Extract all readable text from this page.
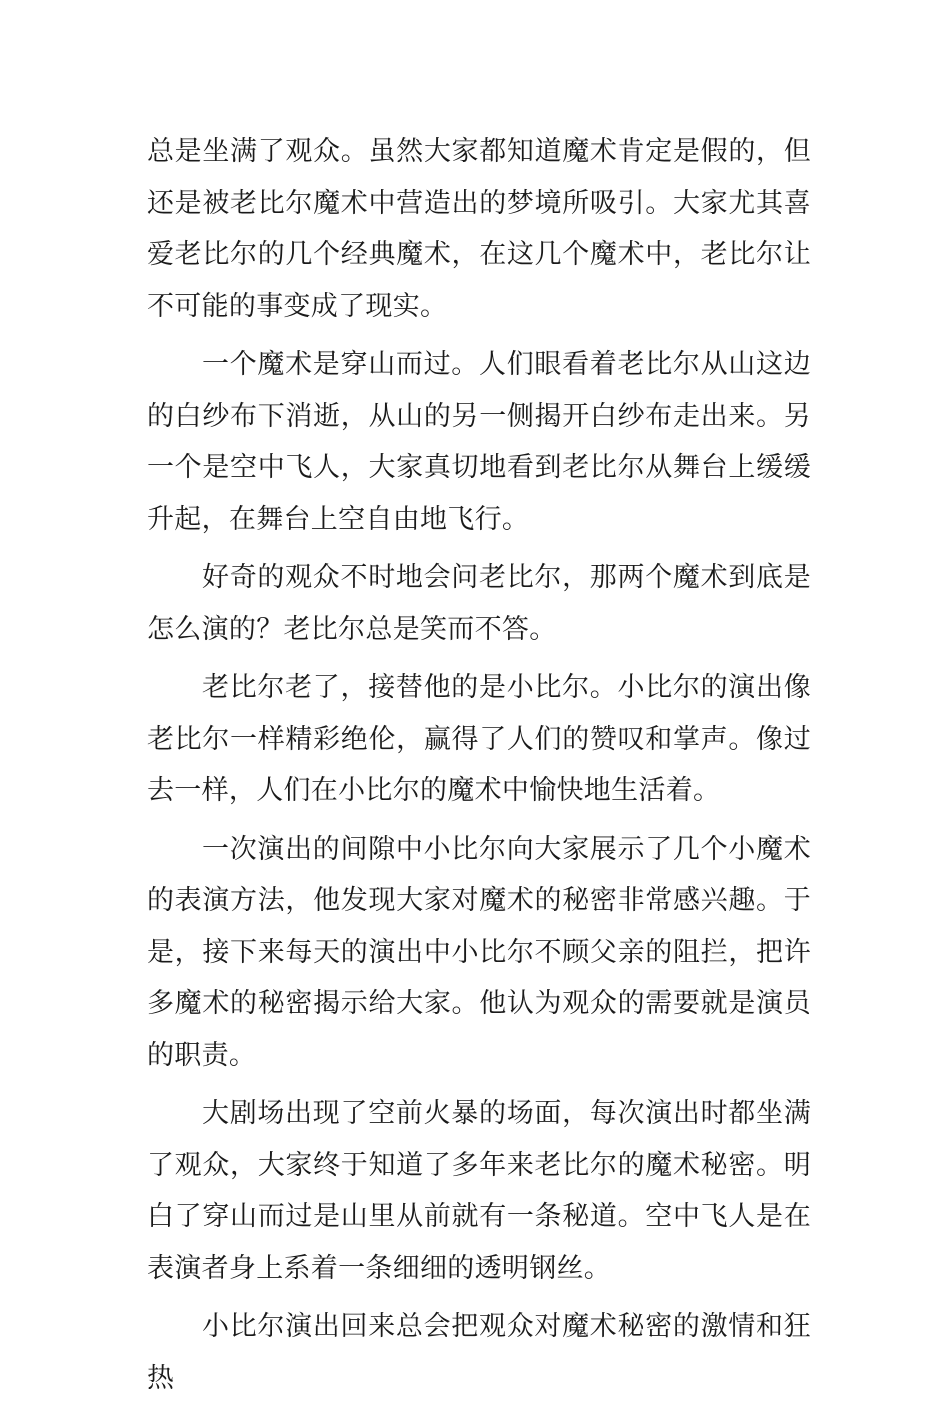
总是坐满了观众。虽然大家都知道魔术肯定是假的，但还是被老比尔魔术中营造出的梦境所吸引。大家尤其喜爱老比尔的几个经典魔术，在这几个魔术中，老比尔让不可能的事变成了现实。

一个魔术是穿山而过。人们眼看着老比尔从山这边的白纱布下消逝，从山的另一侧揭开白纱布走出来。另一个是空中飞人，大家真切地看到老比尔从舞台上缓缓升起，在舞台上空自由地飞行。

好奇的观众不时地会问老比尔，那两个魔术到底是怎么演的？老比尔总是笑而不答。

老比尔老了，接替他的是小比尔。小比尔的演出像老比尔一样精彩绝伦，赢得了人们的赞叹和掌声。像过去一样，人们在小比尔的魔术中愉快地生活着。

一次演出的间隙中小比尔向大家展示了几个小魔术的表演方法，他发现大家对魔术的秘密非常感兴趣。于是，接下来每天的演出中小比尔不顾父亲的阻拦，把许多魔术的秘密揭示给大家。他认为观众的需要就是演员的职责。

大剧场出现了空前火暴的场面，每次演出时都坐满了观众，大家终于知道了多年来老比尔的魔术秘密。明白了穿山而过是山里从前就有一条秘道。空中飞人是在表演者身上系着一条细细的透明钢丝。

小比尔演出回来总会把观众对魔术秘密的激情和狂热
